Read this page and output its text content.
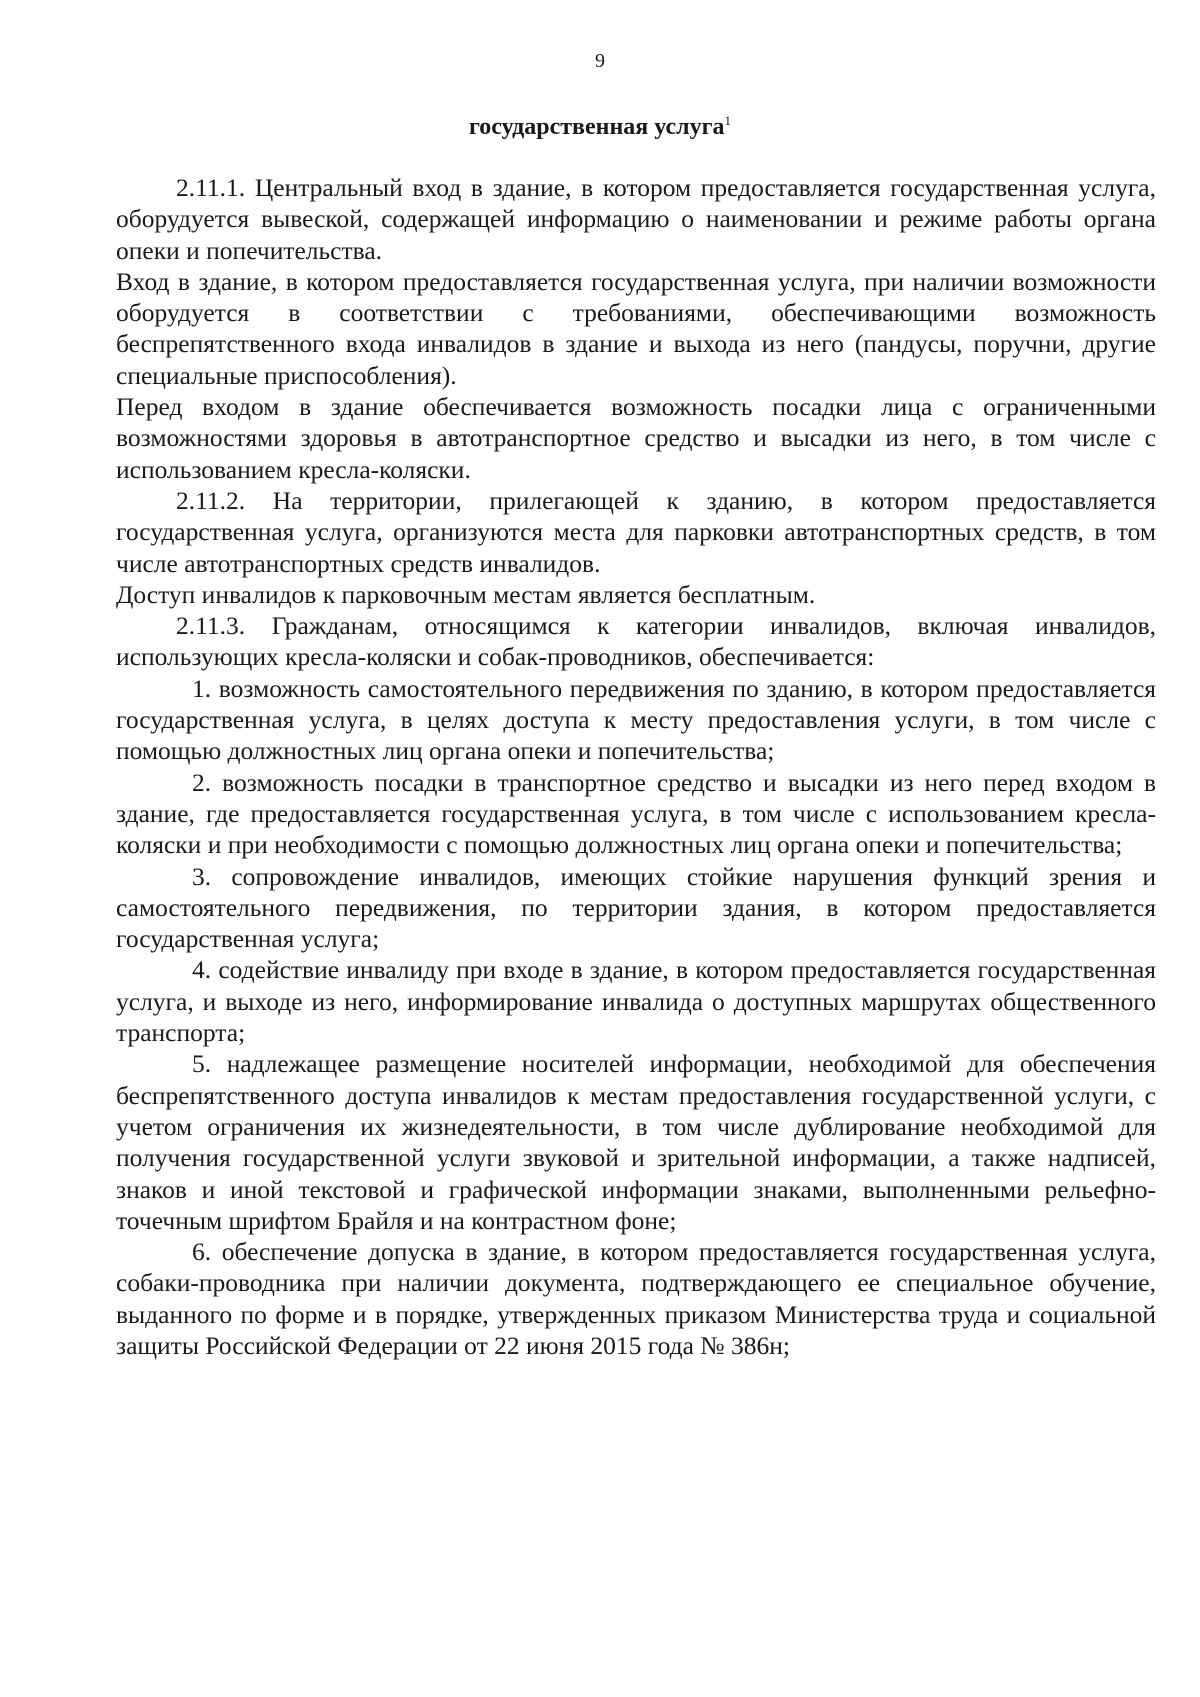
9
государственная услуга$^1$

2.11.1. Центральный вход в здание, в котором предоставляется государственная услуга, оборудуется вывеской, содержащей информацию о наименовании и режиме работы органа опеки и попечительства.

Вход в здание, в котором предоставляется государственная услуга, при наличии возможности оборудуется в соответствии с требованиями, обеспечивающими возможность беспрепятственного входа инвалидов в здание и выхода из него (пандусы, поручни, другие специальные приспособления).

Перед входом в здание обеспечивается возможность посадки лица с ограниченными возможностями здоровья в автотранспортное средство и высадки из него, в том числе с использованием кресла-коляски.

2.11.2. На территории, прилегающей к зданию, в котором предоставляется государственная услуга, организуются места для парковки автотранспортных средств, в том числе автотранспортных средств инвалидов.

Доступ инвалидов к парковочным местам является бесплатным.

2.11.3. Гражданам, относящимся к категории инвалидов, включая инвалидов, использующих кресла-коляски и собак-проводников, обеспечивается:

1. возможность самостоятельного передвижения по зданию, в котором предоставляется государственная услуга, в целях доступа к месту предоставления услуги, в том числе с помощью должностных лиц органа опеки и попечительства;

2. возможность посадки в транспортное средство и высадки из него перед входом в здание, где предоставляется государственная услуга, в том числе с использованием кресла-коляски и при необходимости с помощью должностных лиц органа опеки и попечительства;

3. сопровождение инвалидов, имеющих стойкие нарушения функций зрения и самостоятельного передвижения, по территории здания, в котором предоставляется государственная услуга;

4. содействие инвалиду при входе в здание, в котором предоставляется государственная услуга, и выходе из него, информирование инвалида о доступных маршрутах общественного транспорта;

5. надлежащее размещение носителей информации, необходимой для обеспечения беспрепятственного доступа инвалидов к местам предоставления государственной услуги, с учетом ограничения их жизнедеятельности, в том числе дублирование необходимой для получения государственной услуги звуковой и зрительной информации, а также надписей, знаков и иной текстовой и графической информации знаками, выполненными рельефно-точечным шрифтом Брайля и на контрастном фоне;

6. обеспечение допуска в здание, в котором предоставляется государственная услуга, собаки-проводника при наличии документа, подтверждающего ее специальное обучение, выданного по форме и в порядке, утвержденных приказом Министерства труда и социальной защиты Российской Федерации от 22 июня 2015 года № 386н;
